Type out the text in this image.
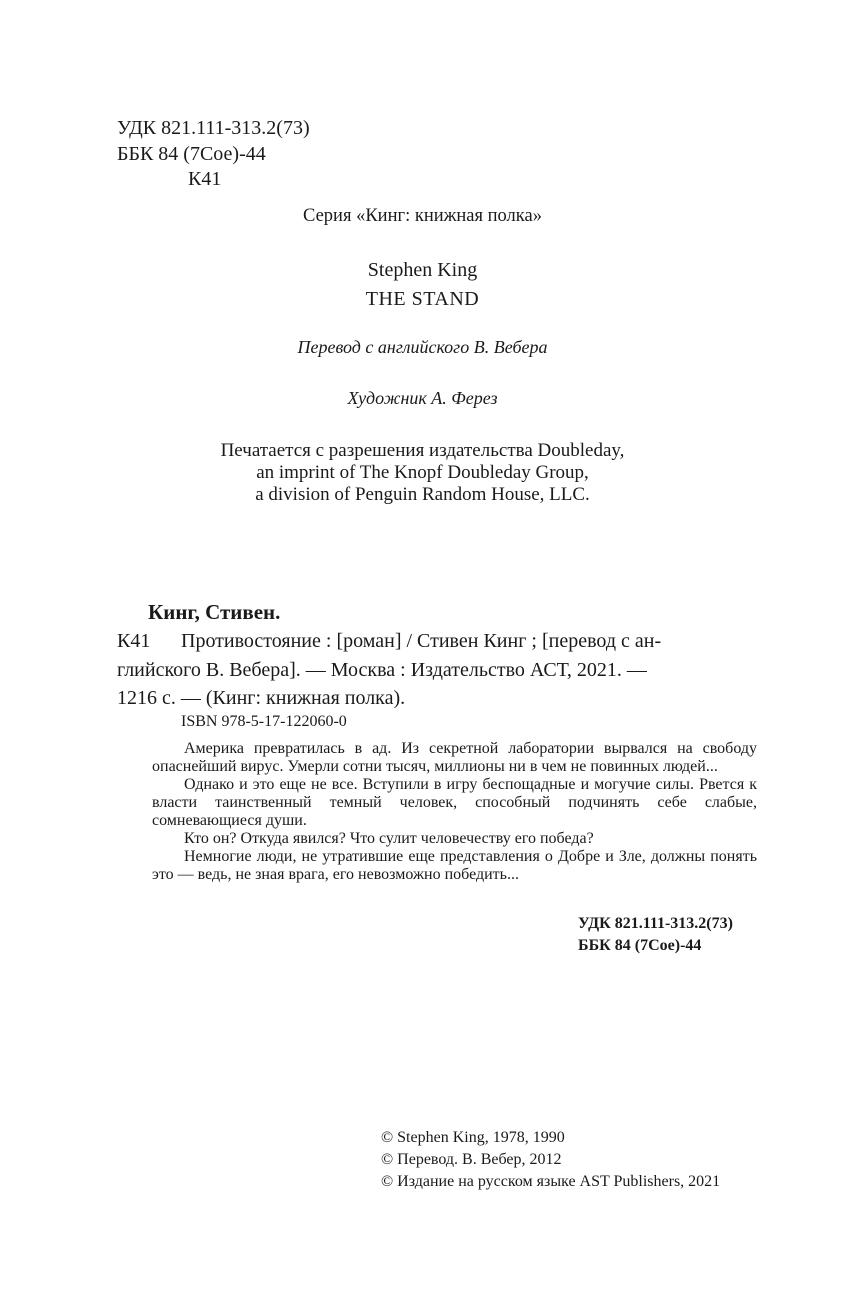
УДК 821.111-313.2(73)
ББК 84 (7Сое)-44
К41
Серия «Кинг: книжная полка»
Stephen King
THE STAND
Перевод с английского В. Вебера
Художник А. Ферез
Печатается с разрешения издательства Doubleday,
an imprint of The Knopf Doubleday Group,
a division of Penguin Random House, LLC.
Кинг, Стивен.
К41 Противостояние : [роман] / Стивен Кинг ; [перевод с ан-
глийского В. Вебера]. — Москва : Издательство АСТ, 2021. —
1216 с. — (Кинг: книжная полка).
ISBN 978-5-17-122060-0

Америка превратилась в ад. Из секретной лаборатории вырвался на свободу опаснейший вирус. Умерли сотни тысяч, миллионы ни в чем не повинных людей...

Однако и это еще не все. Вступили в игру беспощадные и могучие силы. Рвется к власти таинственный темный человек, способный подчинять себе слабые, сомневающиеся души.

Кто он? Откуда явился? Что сулит человечеству его победа?

Немногие люди, не утратившие еще представления о Добре и Зле, должны понять это — ведь, не зная врага, его невозможно победить...

УДК 821.111-313.2(73)
ББК 84 (7Сое)-44
© Stephen King, 1978, 1990
© Перевод. В. Вебер, 2012
© Издание на русском языке AST Publishers, 2021
